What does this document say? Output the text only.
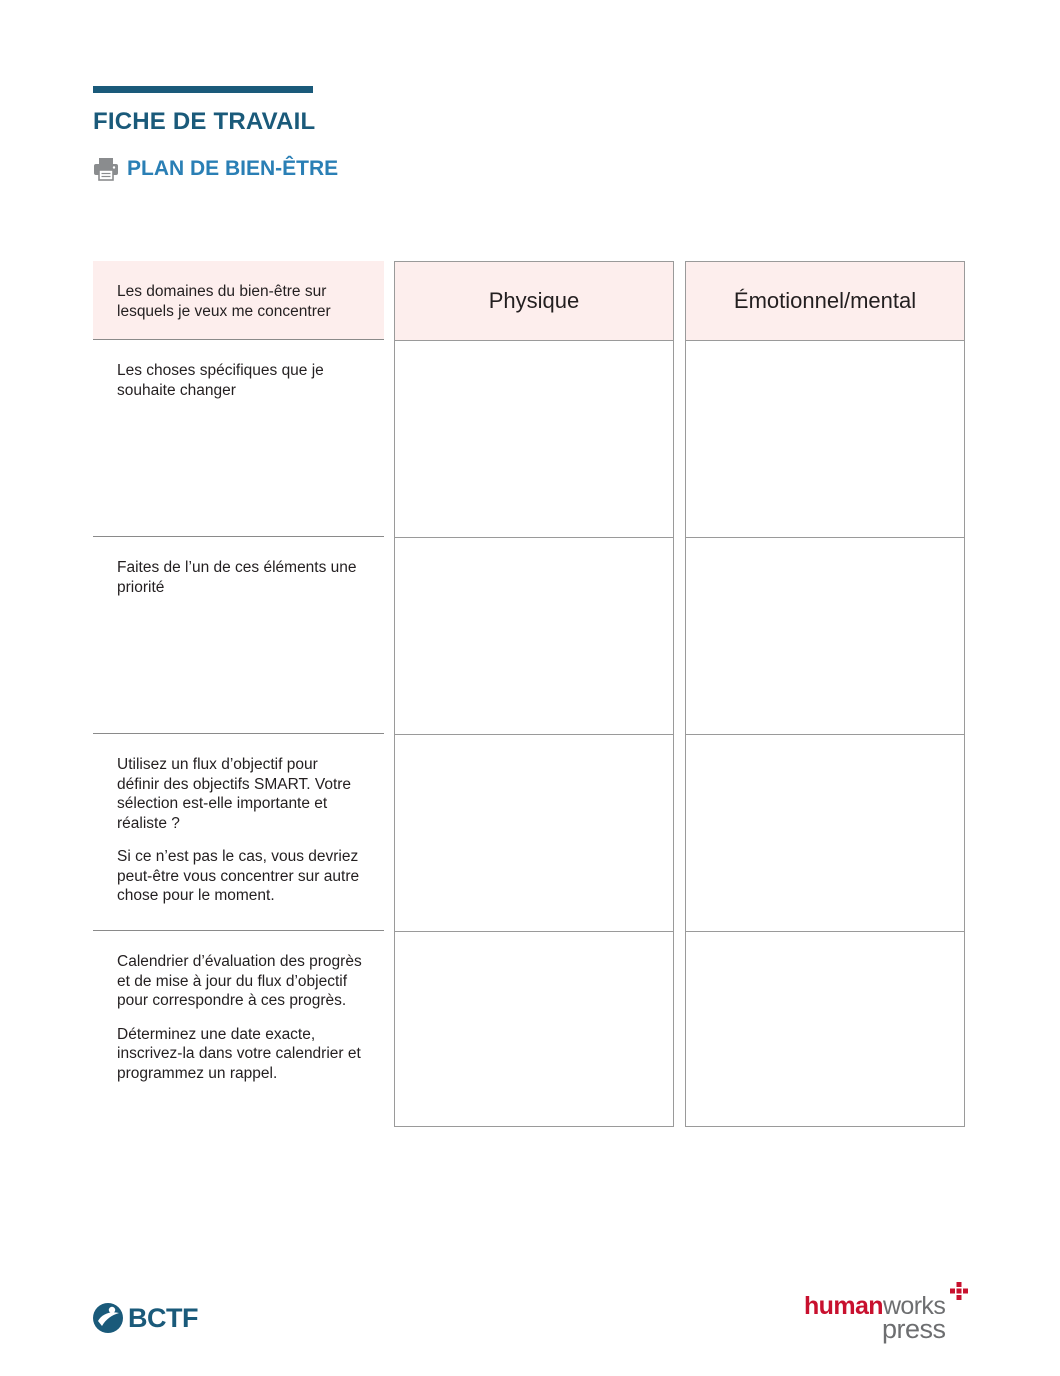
FICHE DE TRAVAIL
PLAN DE BIEN-ÊTRE

Les domaines du bien-être sur lesquels je veux me concentrer

Les choses spécifiques que je souhaite changer

Faites de l’un de ces éléments une priorité

Utilisez un flux d’objectif pour définir des objectifs SMART. Votre sélection est-elle importante et réaliste ?

Si ce n’est pas le cas, vous devriez peut-être vous concentrer sur autre chose pour le moment.

Calendrier d’évaluation des progrès et de mise à jour du flux d’objectif pour correspondre à ces progrès.

Déterminez une date exacte, inscrivez-la dans votre calendrier et programmez un rappel.

Physique	Émotionnel/mental
BCTF	humanworks
press
